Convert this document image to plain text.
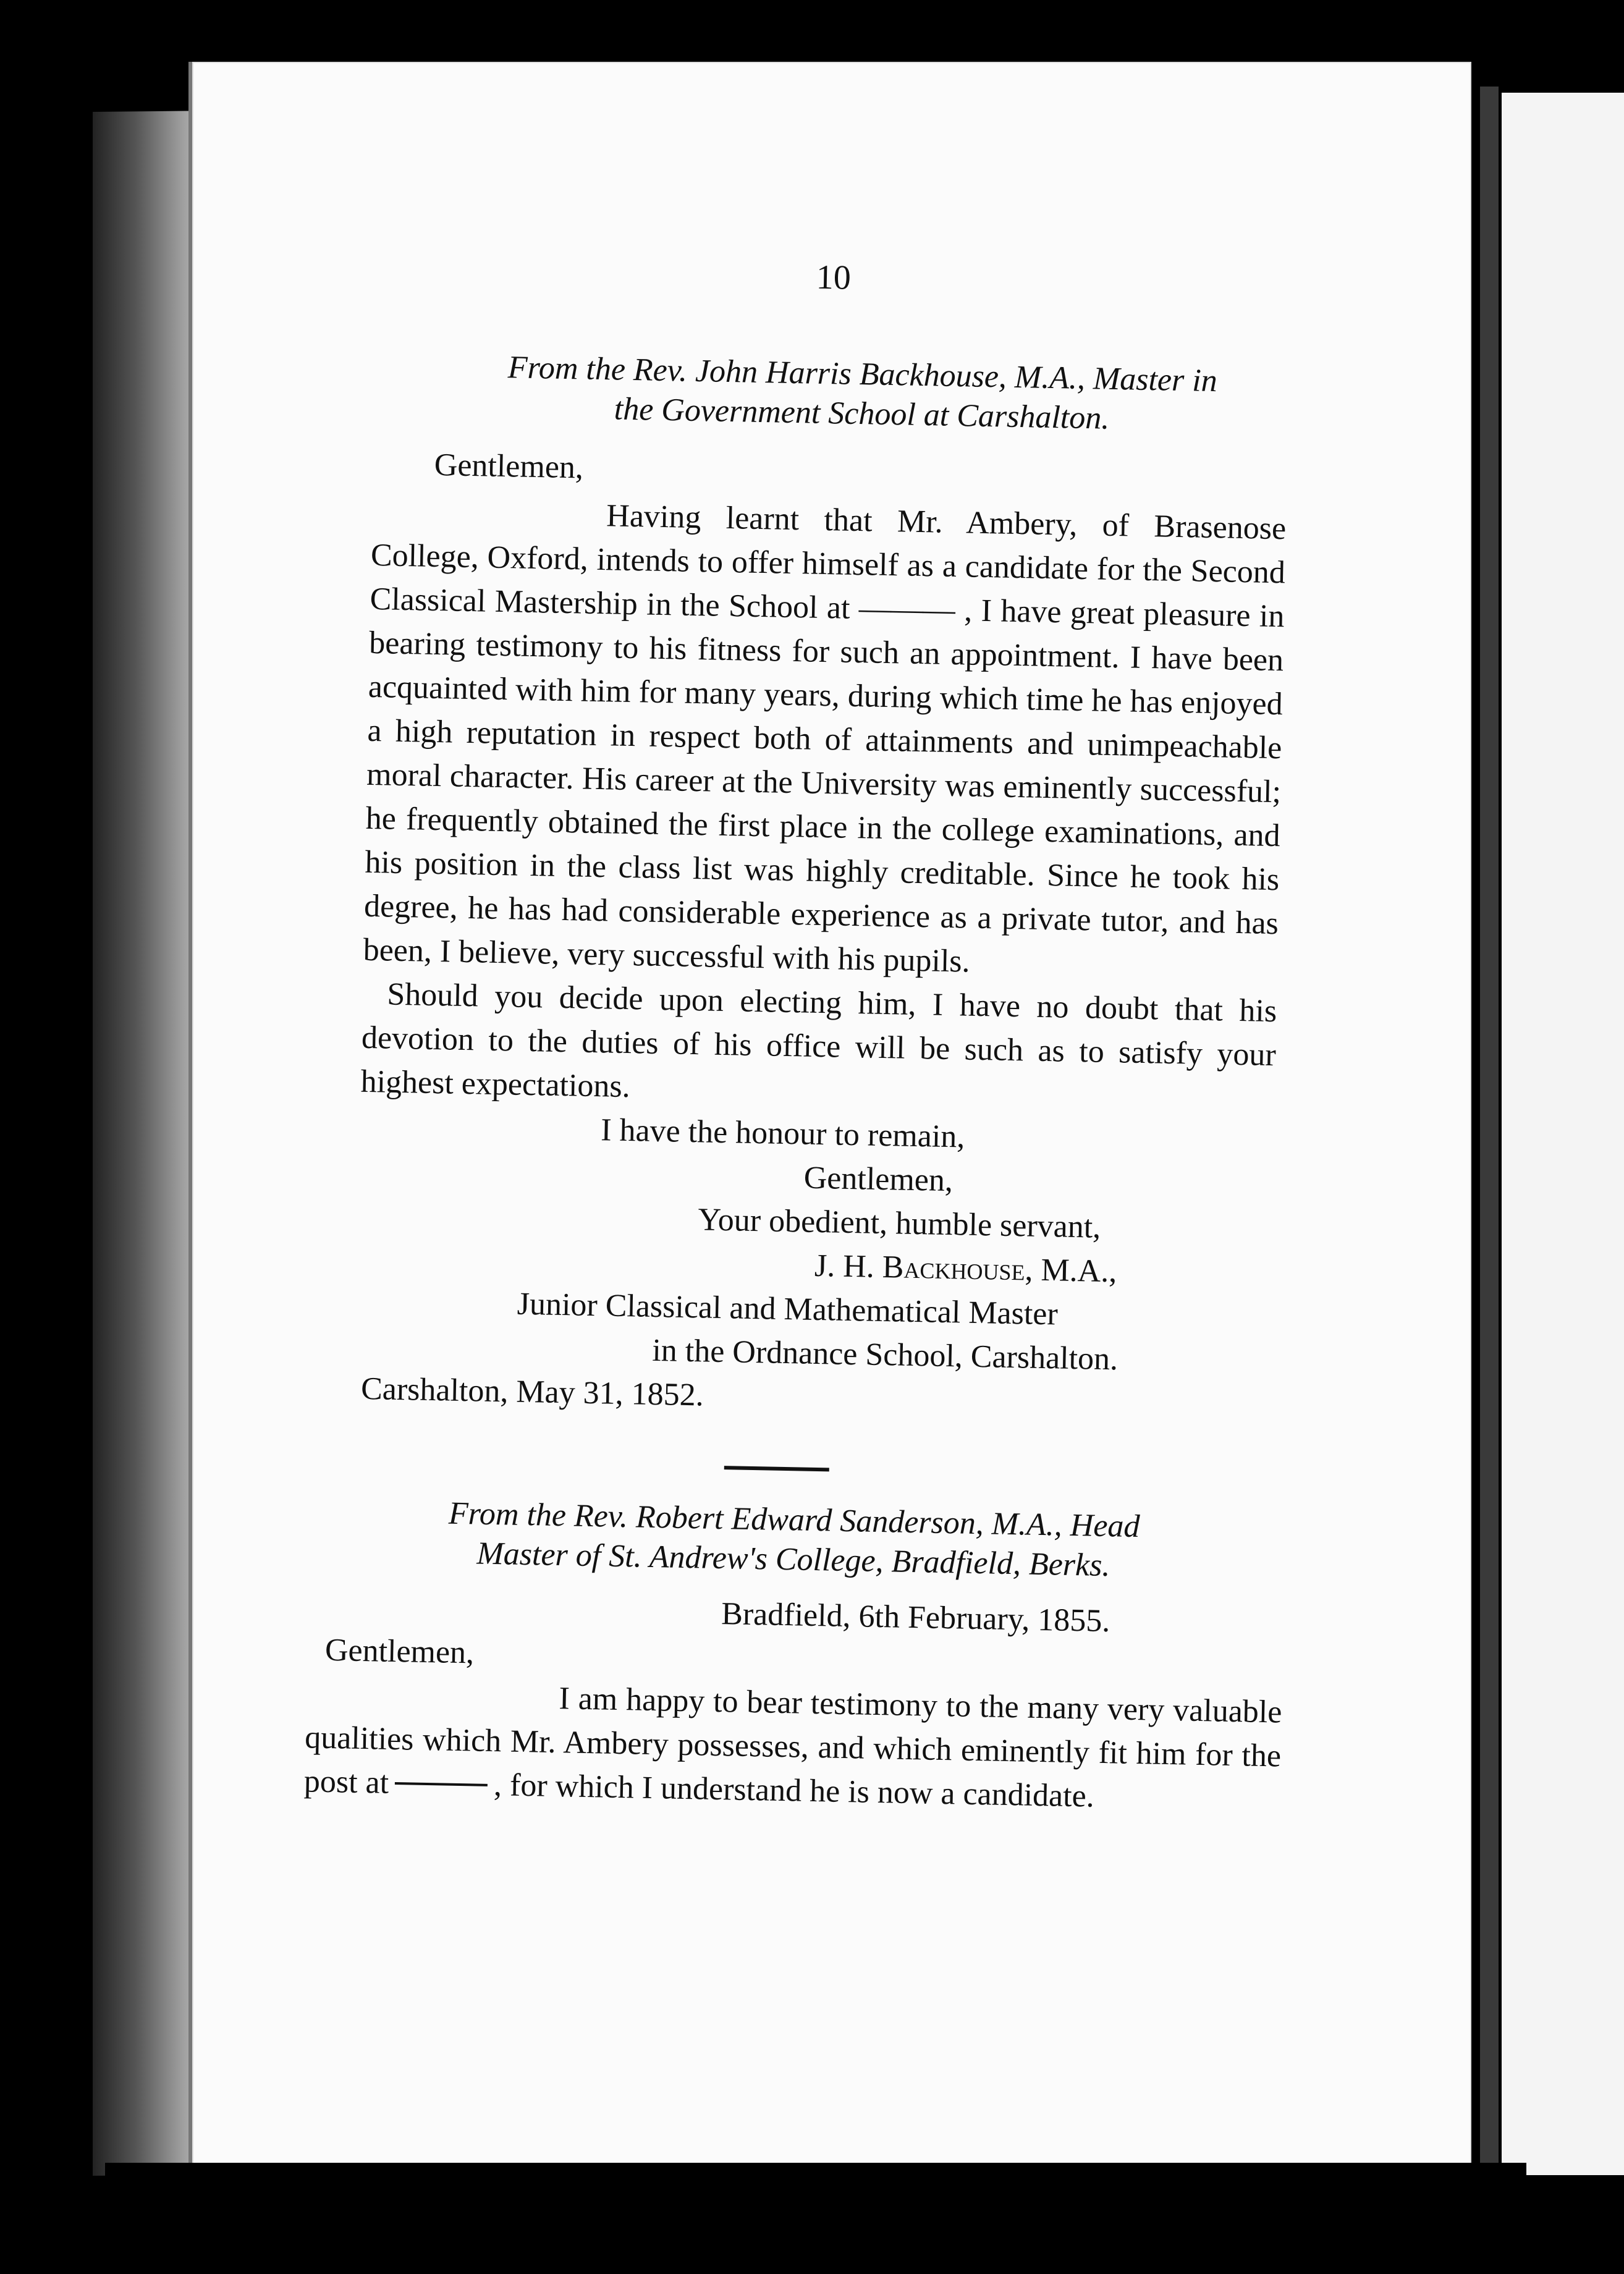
10
From the Rev. John Harris Backhouse, M.A., Master in
the Government School at Carshalton.
Gentlemen,
Having learnt that Mr. Ambery, of Brasenose College, Oxford, intends to offer himself as a candidate for the Second Classical Mastership in the School at ——— , I have great pleasure in bearing testimony to his fitness for such an appointment. I have been acquainted with him for many years, during which time he has enjoyed a high reputation in respect both of attainments and unimpeachable moral character. His career at the University was eminently successful; he frequently obtained the first place in the college examinations, and his position in the class list was highly creditable. Since he took his degree, he has had considerable experience as a private tutor, and has been, I believe, very successful with his pupils.
Should you decide upon electing him, I have no doubt that his devotion to the duties of his office will be such as to satisfy your highest expectations.
I have the honour to remain,
Gentlemen,
Your obedient, humble servant,
J. H. Backhouse, M.A.,
Junior Classical and Mathematical Master
in the Ordnance School, Carshalton.
Carshalton, May 31, 1852.
From the Rev. Robert Edward Sanderson, M.A., Head
Master of St. Andrew's College, Bradfield, Berks.
Bradfield, 6th February, 1855.
Gentlemen,
I am happy to bear testimony to the many very valuable qualities which Mr. Ambery possesses, and which eminently fit him for the post at	, for which I understand he is now a candidate.
